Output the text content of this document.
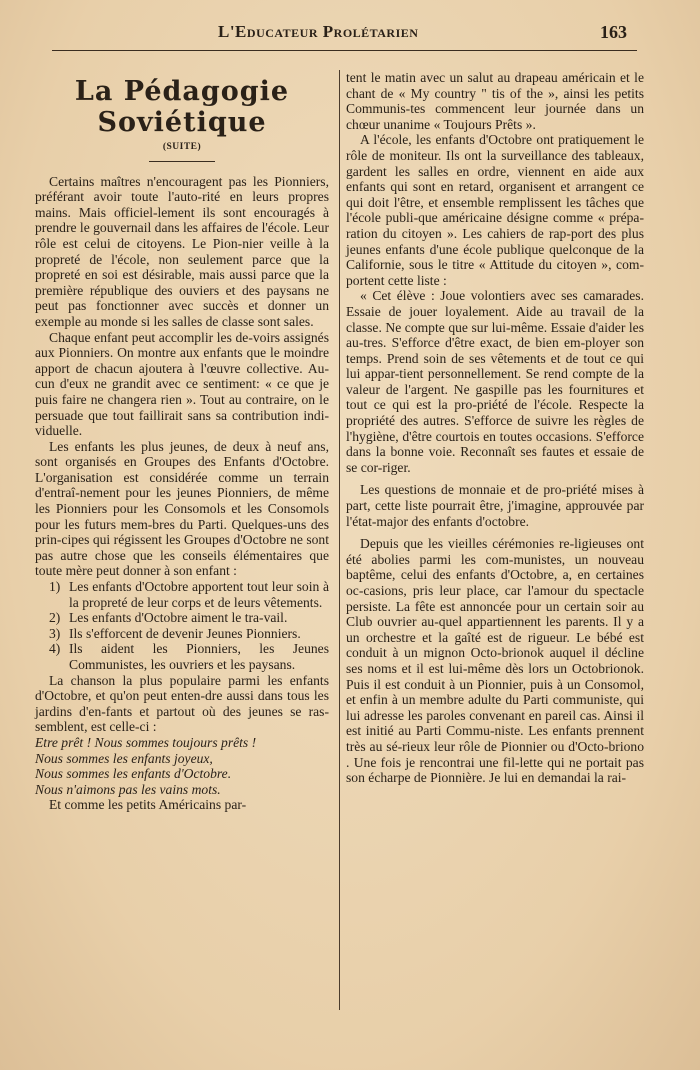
L'Educateur Prolétarien	163
La Pédagogie
Soviétique
(SUITE)

Certains maîtres n'encouragent pas les Pionniers, préférant avoir toute l'auto-rité en leurs propres mains. Mais officiel-lement ils sont encouragés à prendre le gouvernail dans les affaires de l'école. Leur rôle est celui de citoyens. Le Pion-nier veille à la propreté de l'école, non seulement parce que la propreté en soi est désirable, mais aussi parce que la première république des ouviers et des paysans ne peut pas fonctionner avec succès et donner un exemple au monde si les salles de classe sont sales.

Chaque enfant peut accomplir les de-voirs assignés aux Pionniers. On montre aux enfants que le moindre apport de chacun ajoutera à l'œuvre collective. Au-cun d'eux ne grandit avec ce sentiment: « ce que je puis faire ne changera rien ». Tout au contraire, on le persuade que tout faillirait sans sa contribution indi-viduelle.

Les enfants les plus jeunes, de deux à neuf ans, sont organisés en Groupes des Enfants d'Octobre. L'organisation est considérée comme un terrain d'entraî-nement pour les jeunes Pionniers, de même les Pionniers pour les Consomols et les Consomols pour les futurs mem-bres du Parti. Quelques-uns des prin-cipes qui régissent les Groupes d'Octobre ne sont pas autre chose que les conseils élémentaires que toute mère peut donner à son enfant :

1) Les enfants d'Octobre apportent tout leur soin à la propreté de leur corps et de leurs vêtements.
2) Les enfants d'Octobre aiment le tra-vail.
3) Ils s'efforcent de devenir Jeunes Pionniers.
4) Ils aident les Pionniers, les Jeunes Communistes, les ouvriers et les paysans.

La chanson la plus populaire parmi les enfants d'Octobre, et qu'on peut enten-dre aussi dans tous les jardins d'en-fants et partout où des jeunes se ras-semblent, est celle-ci :

Etre prêt ! Nous sommes toujours prêts !
Nous sommes les enfants joyeux,
Nous sommes les enfants d'Octobre.
Nous n'aimons pas les vains mots.

Et comme les petits Américains par-

tent le matin avec un salut au drapeau américain et le chant de « My country " tis of the », ainsi les petits Communis-tes commencent leur journée dans un chœur unanime « Toujours Prêts ».

A l'école, les enfants d'Octobre ont pratiquement le rôle de moniteur. Ils ont la surveillance des tableaux, gardent les salles en ordre, viennent en aide aux enfants qui sont en retard, organisent et arrangent ce qui doit l'être, et ensemble remplissent les tâches que l'école publi-que américaine désigne comme « prépa-ration du citoyen ». Les cahiers de rap-port des plus jeunes enfants d'une école publique quelconque de la Californie, sous le titre « Attitude du citoyen », com-portent cette liste :

« Cet élève : Joue volontiers avec ses camarades. Essaie de jouer loyalement. Aide au travail de la classe. Ne compte que sur lui-même. Essaie d'aider les au-tres. S'efforce d'être exact, de bien em-ployer son temps. Prend soin de ses vêtements et de tout ce qui lui appar-tient personnellement. Se rend compte de la valeur de l'argent. Ne gaspille pas les fournitures et tout ce qui est la pro-priété de l'école. Respecte la propriété des autres. S'efforce de suivre les règles de l'hygiène, d'être courtois en toutes occasions. S'efforce dans la bonne voie. Reconnaît ses fautes et essaie de se cor-riger.

Les questions de monnaie et de pro-priété mises à part, cette liste pourrait être, j'imagine, approuvée par l'état-major des enfants d'octobre.

Depuis que les vieilles cérémonies re-ligieuses ont été abolies parmi les com-munistes, un nouveau baptême, celui des enfants d'Octobre, a, en certaines oc-casions, pris leur place, car l'amour du spectacle persiste. La fête est annoncée pour un certain soir au Club ouvrier au-quel appartiennent les parents. Il y a un orchestre et la gaîté est de rigueur. Le bébé est conduit à un mignon Octo-brionok auquel il décline ses noms et il est lui-même dès lors un Octobrionok. Puis il est conduit à un Pionnier, puis à un Consomol, et enfin à un membre adulte du Parti communiste, qui lui adresse les paroles convenant en pareil cas. Ainsi il est initié au Parti Commu-niste. Les enfants prennent très au sé-rieux leur rôle de Pionnier ou d'Octo-briono . Une fois je rencontrai une fil-lette qui ne portait pas son écharpe de Pionnière. Je lui en demandai la rai-
